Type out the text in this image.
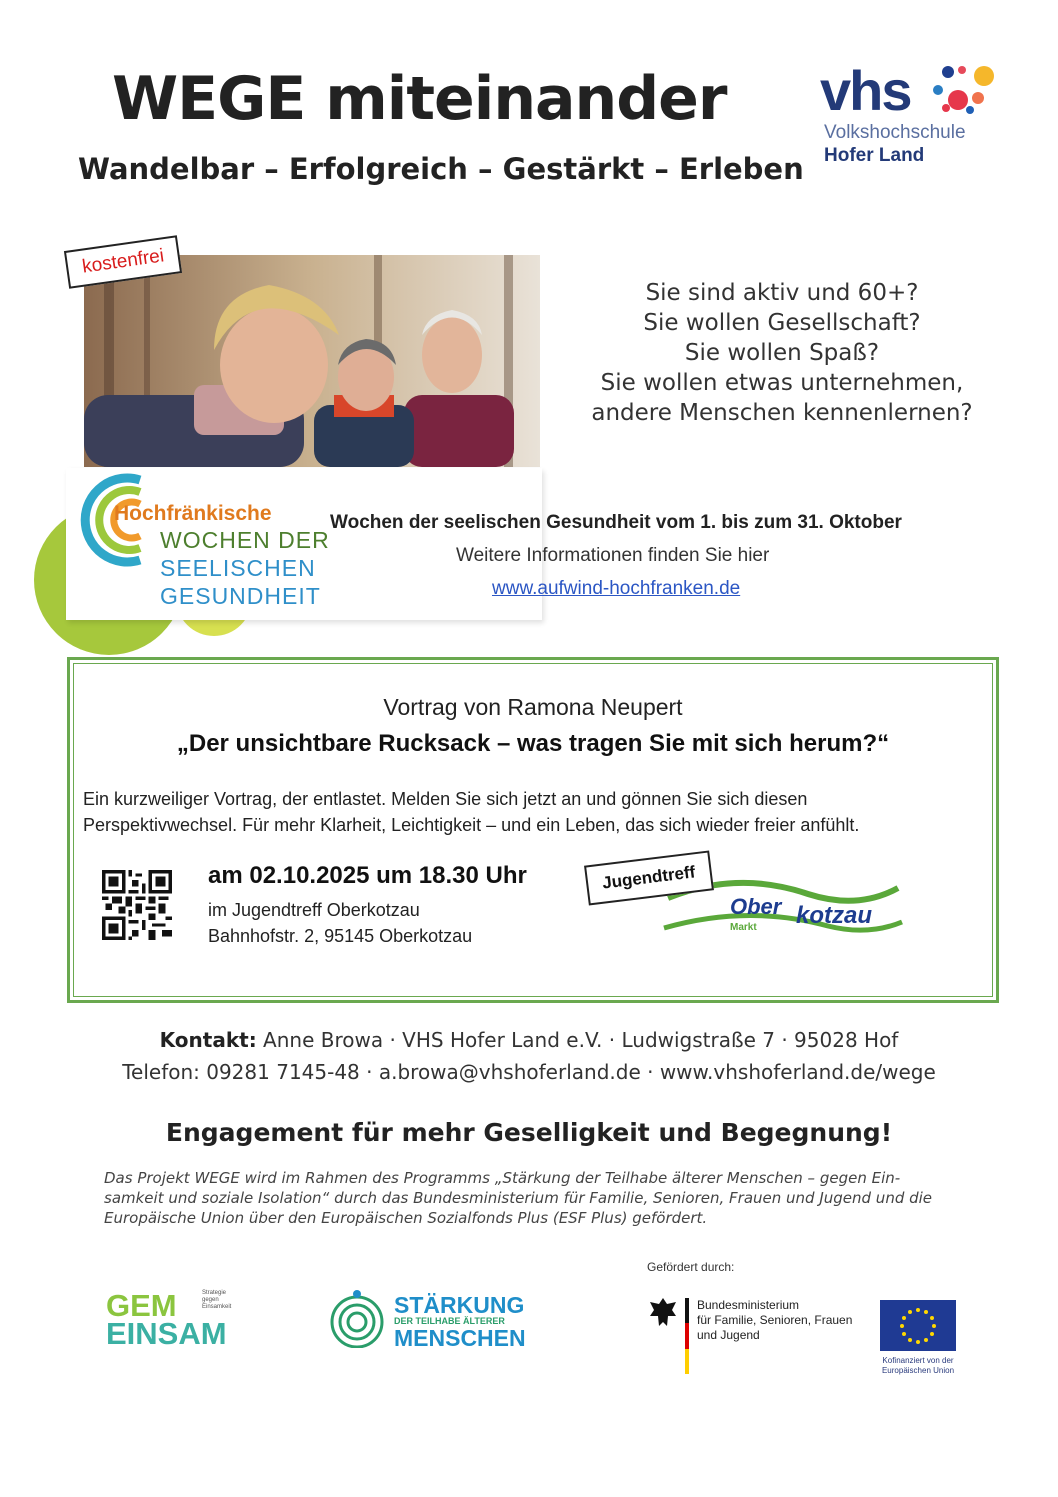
WEGE miteinander
Wandelbar – Erfolgreich – Gestärkt – Erleben
vhs
Volkshochschule
Hofer Land
kostenfrei
Sie sind aktiv und 60+?
Sie wollen Gesellschaft?
Sie wollen Spaß?
Sie wollen etwas unternehmen,
andere Menschen kennenlernen?
Hochfränkische
WOCHEN DER
SEELISCHEN
GESUNDHEIT
Wochen der seelischen Gesundheit vom 1. bis zum 31. Oktober
Weitere Informationen finden Sie hier
www.aufwind-hochfranken.de
Vortrag von Ramona Neupert
„Der unsichtbare Rucksack – was tragen Sie mit sich herum?“
Ein kurzweiliger Vortrag, der entlastet. Melden Sie sich jetzt an und gönnen Sie sich diesen
Perspektivwechsel. Für mehr Klarheit, Leichtigkeit – und ein Leben, das sich wieder freier anfühlt.
am 02.10.2025 um 18.30 Uhr
im Jugendtreff Oberkotzau
Bahnhofstr. 2, 95145 Oberkotzau
Ober kotzau
Markt
Jugendtreff
Kontakt: Anne Browa · VHS Hofer Land e.V. · Ludwigstraße 7 · 95028 Hof
Telefon: 09281 7145-48 · a.browa@vhshoferland.de · www.vhshoferland.de/wege
Engagement für mehr Geselligkeit und Begegnung!
Das Projekt WEGE wird im Rahmen des Programms „Stärkung der Teilhabe älterer Menschen – gegen Ein-
samkeit und soziale Isolation“ durch das Bundesministerium für Familie, Senioren, Frauen und Jugend und die
Europäische Union über den Europäischen Sozialfonds Plus (ESF Plus) gefördert.
Gefördert durch:
GEM
EINSAM
Strategie
gegen
Einsamkeit	STÄRKUNG
DER TEILHABE ÄLTERER
MENSCHEN
Bundesministerium
für Familie, Senioren, Frauen
und Jugend
Kofinanziert von der
Europäischen Union
